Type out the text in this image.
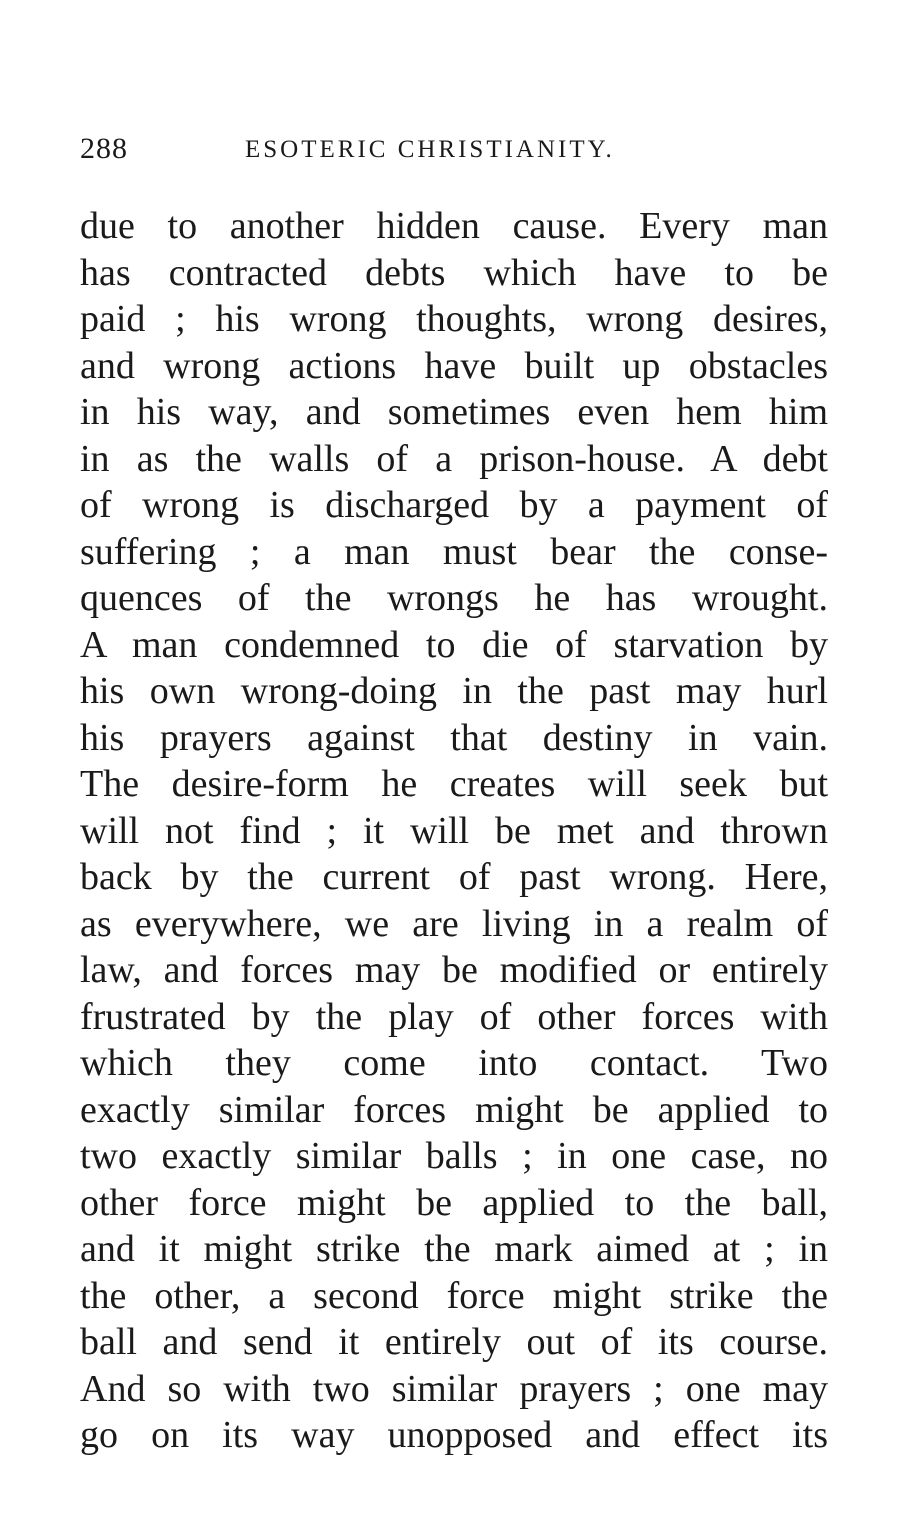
288	ESOTERIC CHRISTIANITY.
due to another hidden cause. Every man
has contracted debts which have to be
paid ; his wrong thoughts, wrong desires,
and wrong actions have built up obstacles
in his way, and sometimes even hem him
in as the walls of a prison-house. A debt
of wrong is discharged by a payment of
suffering ; a man must bear the conse-
quences of the wrongs he has wrought.
A man condemned to die of starvation by
his own wrong-doing in the past may hurl
his prayers against that destiny in vain.
The desire-form he creates will seek but
will not find ; it will be met and thrown
back by the current of past wrong. Here,
as everywhere, we are living in a realm of
law, and forces may be modified or entirely
frustrated by the play of other forces with
which they come into contact. Two
exactly similar forces might be applied to
two exactly similar balls ; in one case, no
other force might be applied to the ball,
and it might strike the mark aimed at ; in
the other, a second force might strike the
ball and send it entirely out of its course.
And so with two similar prayers ; one may
go on its way unopposed and effect its
